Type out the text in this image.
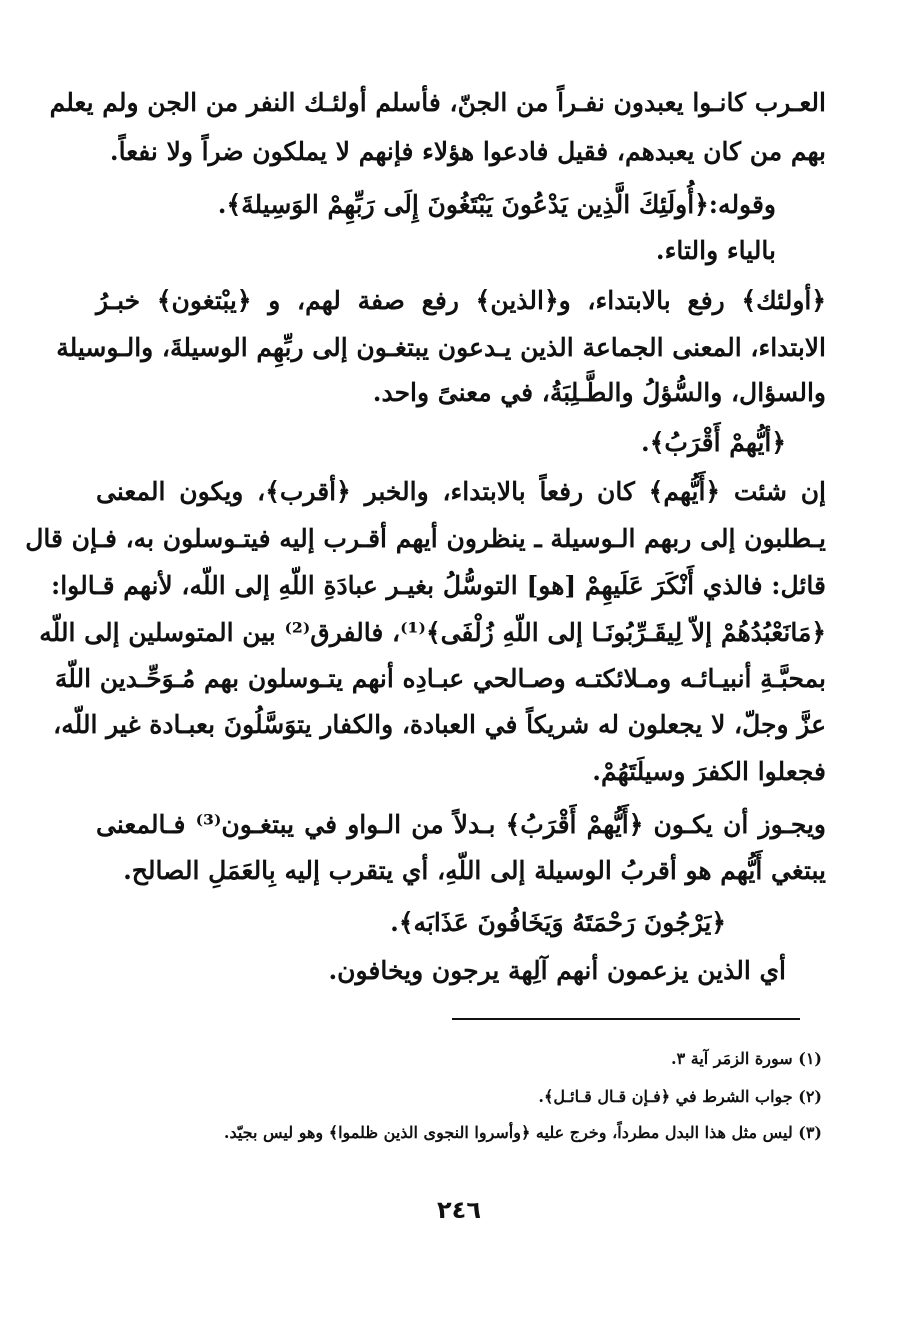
العـرب كانـوا يعبدون نفـراً من الجنّ، فأسلم أولئـك النفر من الجن ولم يعلم
بهم من كان يعبدهم، فقيل فادعوا هؤلاء فإنهم لا يملكون ضراً ولا نفعاً.
وقوله:﴿أُولَئِكَ الَّذِين يَدْعُونَ يَبْتَغُونَ إِلَى رَبِّهِمْ الوَسِيلةَ﴾.
بالياء والتاء.
﴿أولئك﴾ رفع بالابتداء، و﴿الذين﴾ رفع صفة لهم، و ﴿يبْتغون﴾ خبـرُ
الابتداء، المعنى الجماعة الذين يـدعون يبتغـون إلى ربِّهِم الوسيلةَ، والـوسيلة
والسؤال، والسُّؤلُ والطَّـلِبَةُ، في معنىً واحد.
﴿أيُّهمْ أَقْرَبُ﴾.
إن شئت ﴿أَيُّهم﴾ كان رفعاً بالابتداء، والخبر ﴿أقرب﴾، ويكون المعنى
يـطلبون إلى ربهم الـوسيلة ـ ينظرون أيهم أقـرب إليه فيتـوسلون به، فـإن قال
قائل: فالذي أَنْكَرَ عَلَيهِمْ [هو] التوسُّلُ بغيـر عبادَةِ اللّهِ إلى اللّه، لأنهم قـالوا:
﴿مَانَعْبُدُهُمْ إلاّ لِيقَـرِّبُونَـا إلى اللّهِ زُلْفَى﴾⁽¹⁾، فالفرق⁽²⁾ بين المتوسلين إلى اللّه
بمحبَّـةِ أنبيـائـه ومـلائكتـه وصـالحي عبـادِه أنهم يتـوسلون بهم مُـوَحِّـدين اللّهَ
عزَّ وجلّ، لا يجعلون له شريكاً في العبادة، والكفار يتوَسَّلُونَ بعبـادة غير اللّه،
فجعلوا الكفرَ وسيلَتَهُمْ.
ويجـوز أن يكـون ﴿أَيُّهمْ أَقْرَبُ﴾ بـدلاً من الـواو في يبتغـون⁽³⁾ فـالمعنى
يبتغي أَيُّهم هو أقربُ الوسيلة إلى اللّهِ، أي يتقرب إليه بِالعَمَلِ الصالح.
﴿يَرْجُونَ رَحْمَتَهُ وَيَخَافُونَ عَذَابَه﴾.
أي الذين يزعمون أنهم آلِهة يرجون ويخافون.
(١) سورة الزمَر آية ٣.
(٢) جواب الشرط في ﴿فـإن قـال قـائـل﴾.
(٣) ليس مثل هذا البدل مطرداً، وخرج عليه ﴿وأسروا النجوى الذين ظلموا﴾ وهو ليس بجيّد.
٢٤٦
